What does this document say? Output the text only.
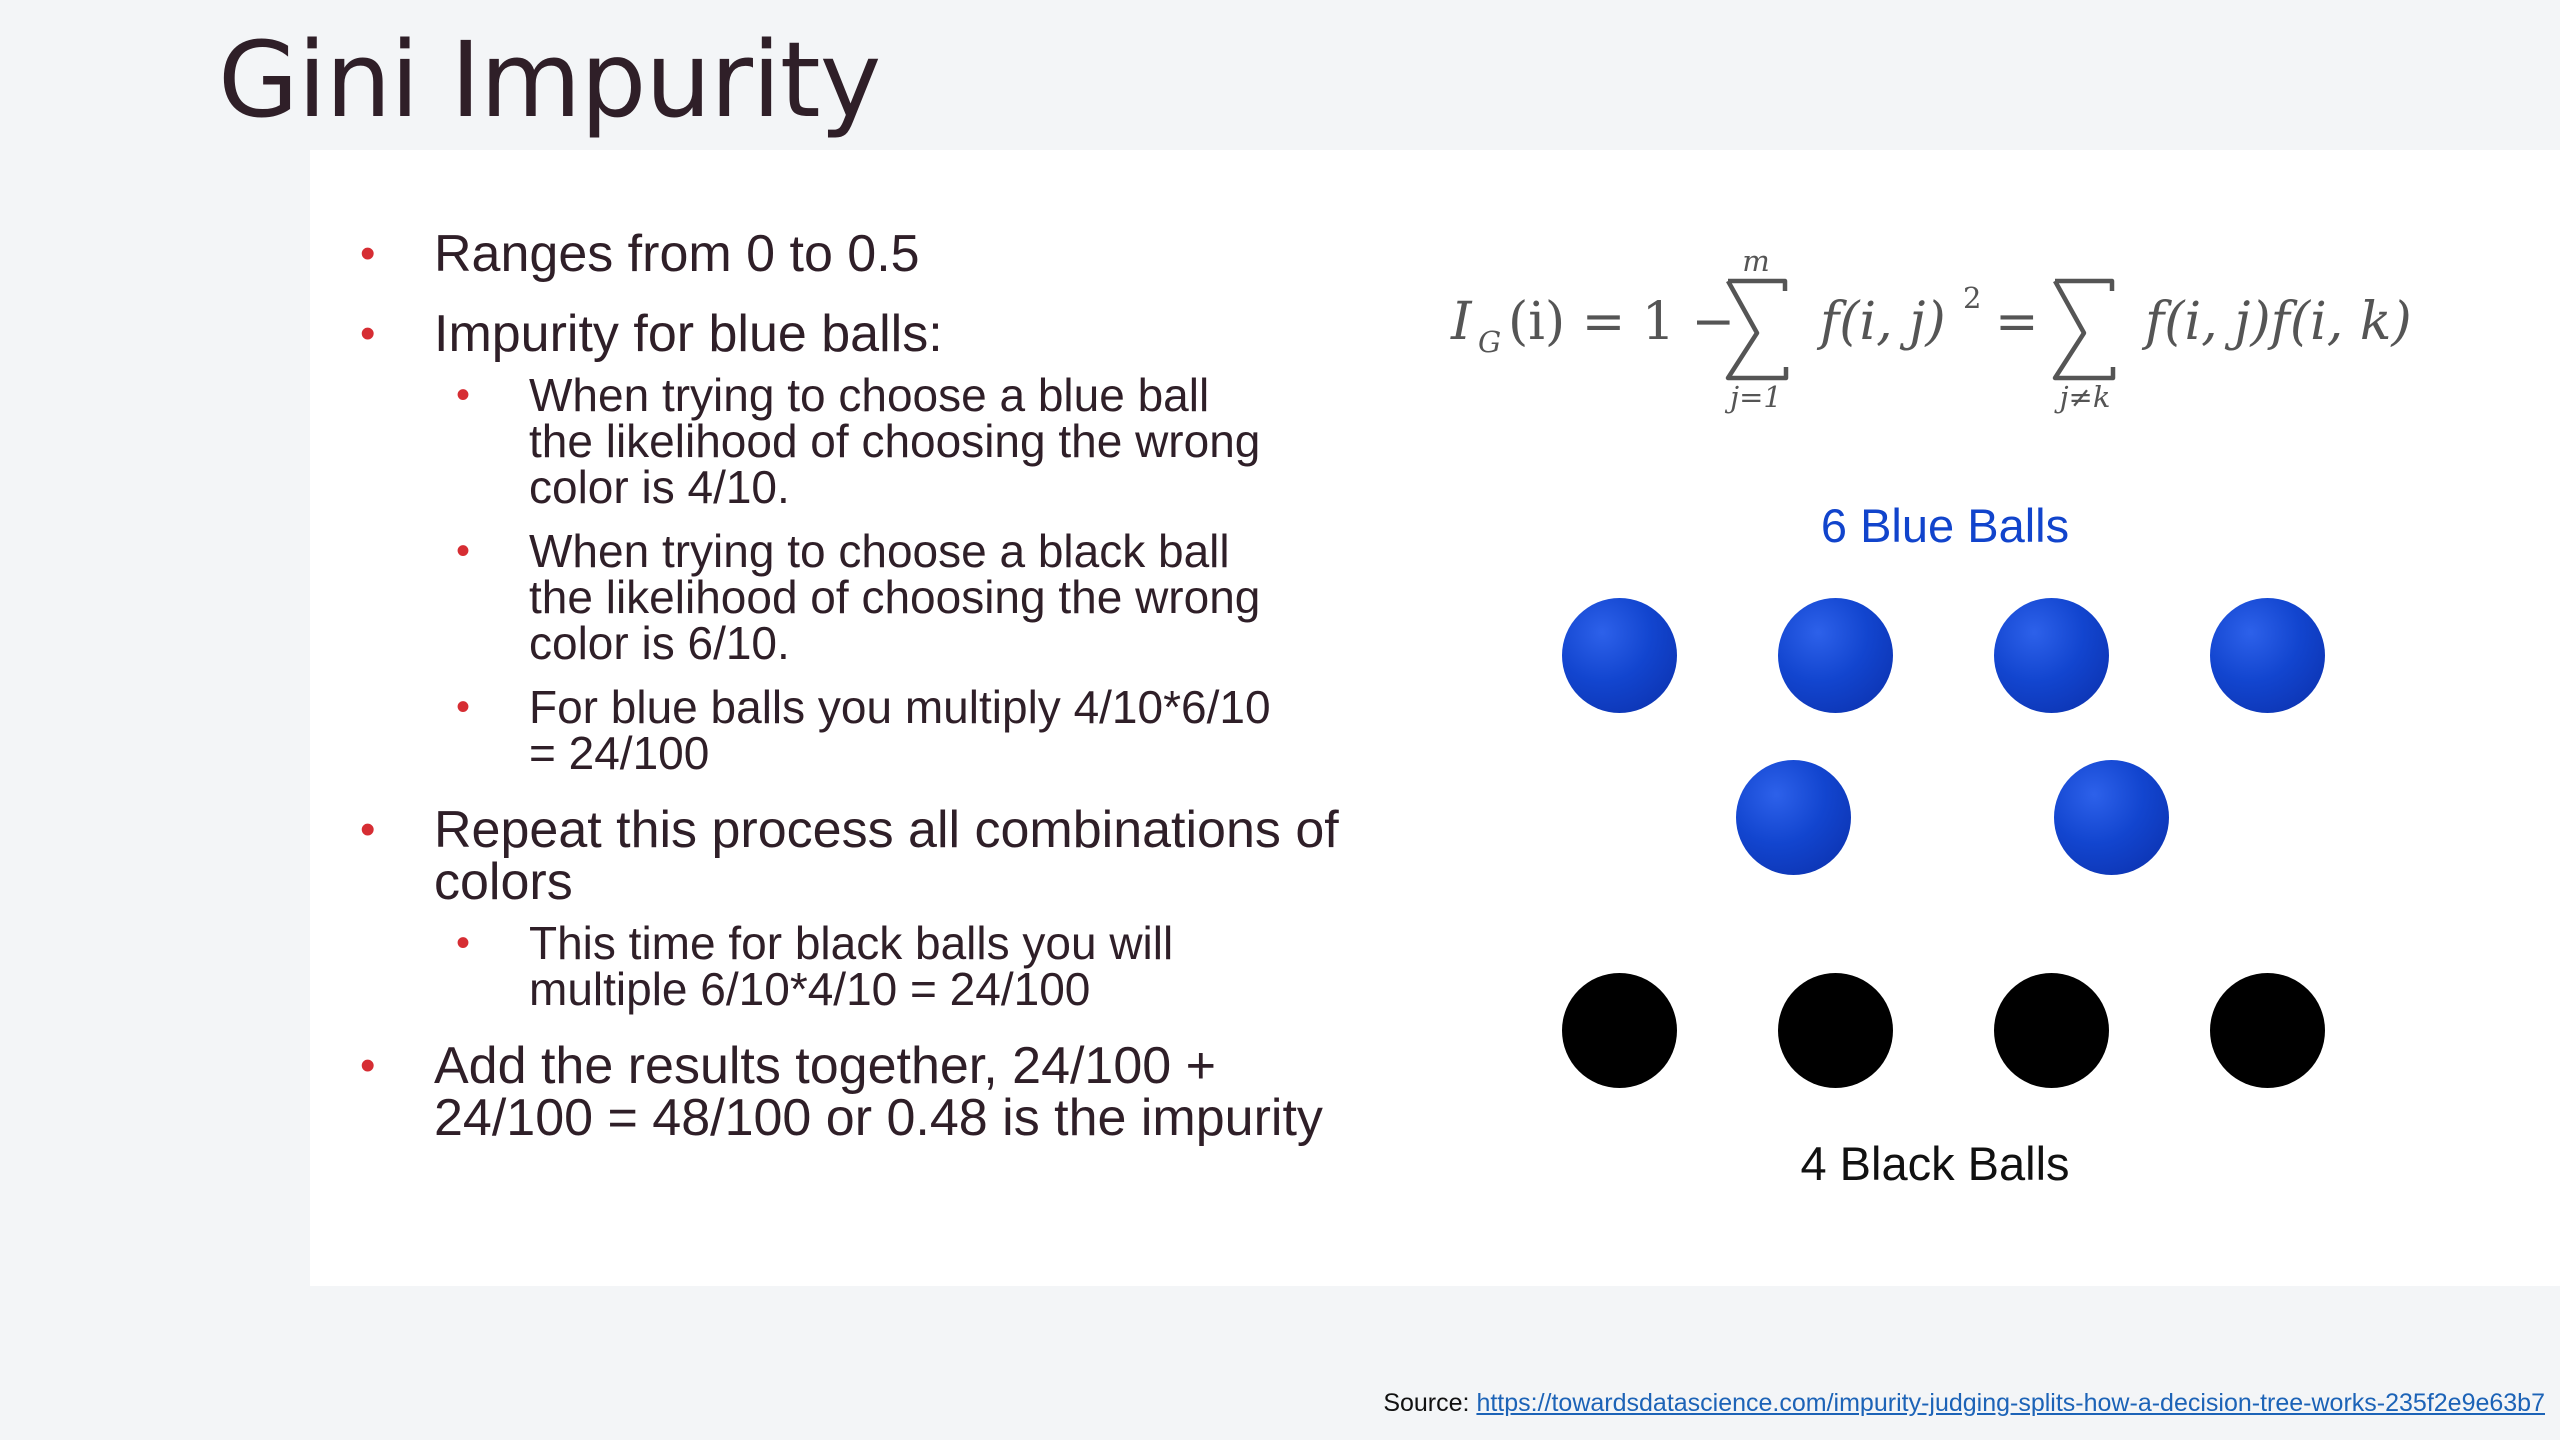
Gini Impurity
• Ranges from 0 to 0.5
• Impurity for blue balls:
• When trying to choose a blue ball the likelihood of choosing the wrong color is 4/10.
• When trying to choose a black ball the likelihood of choosing the wrong color is 6/10.
• For blue balls you multiply 4/10*6/10 = 24/100
• Repeat this process all combinations of colors
• This time for black balls you will multiple 6/10*4/10 = 24/100
• Add the results together, 24/100 + 24/100 = 48/100 or 0.48 is the impurity
I G (i) = 1 −
m
j=1
f(i, j) 2 =
j≠k
f(i, j)f(i, k)
6 Blue Balls
4 Black Balls
Source: https://towardsdatascience.com/impurity-judging-splits-how-a-decision-tree-works-235f2e9e63b7
